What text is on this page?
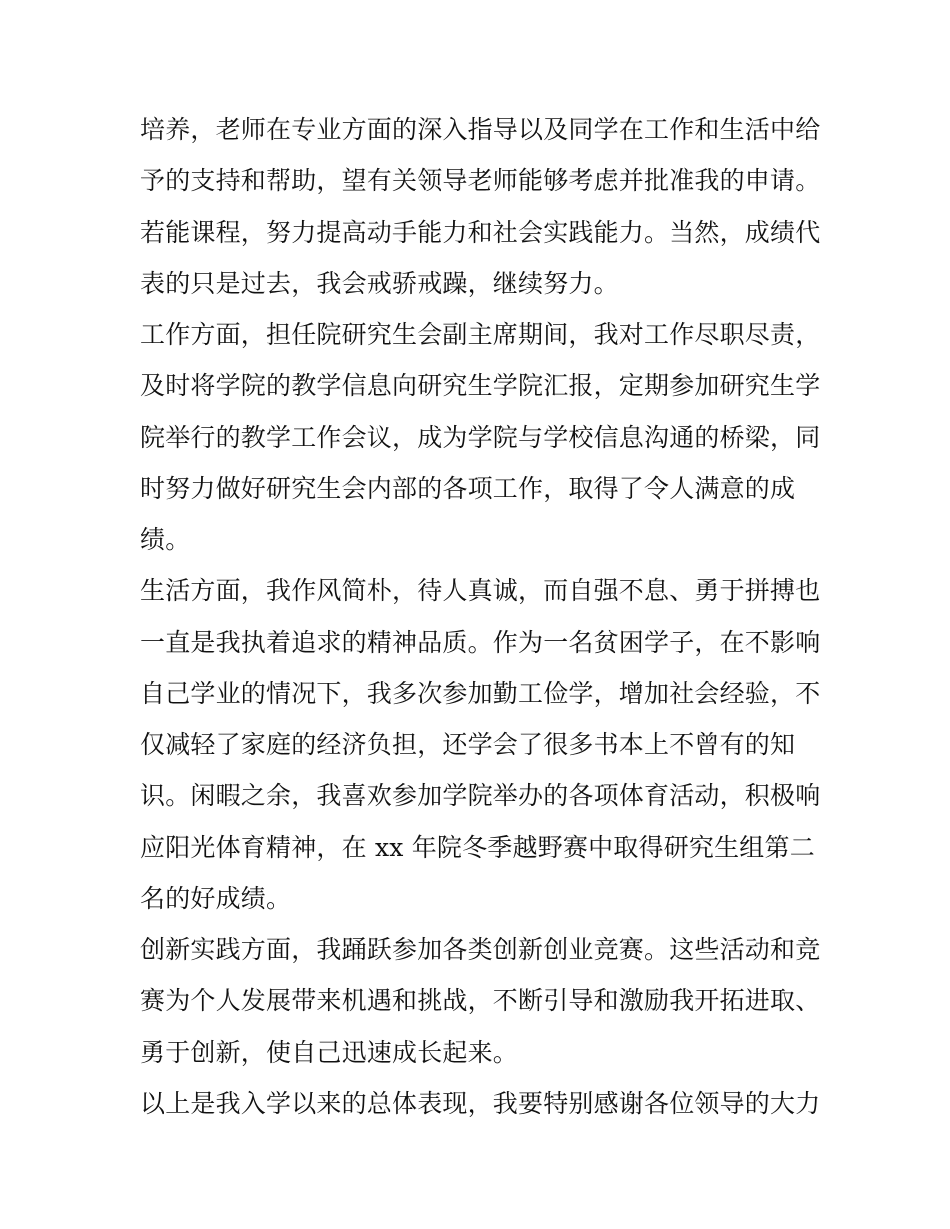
培养，老师在专业方面的深入指导以及同学在工作和生活中给
予的支持和帮助，望有关领导老师能够考虑并批准我的申请。
若能课程，努力提高动手能力和社会实践能力。当然，成绩代
表的只是过去，我会戒骄戒躁，继续努力。
工作方面，担任院研究生会副主席期间，我对工作尽职尽责，
及时将学院的教学信息向研究生学院汇报，定期参加研究生学
院举行的教学工作会议，成为学院与学校信息沟通的桥梁，同
时努力做好研究生会内部的各项工作，取得了令人满意的成
绩。
生活方面，我作风简朴，待人真诚，而自强不息、勇于拼搏也
一直是我执着追求的精神品质。作为一名贫困学子，在不影响
自己学业的情况下，我多次参加勤工俭学，增加社会经验，不
仅减轻了家庭的经济负担，还学会了很多书本上不曾有的知
识。闲暇之余，我喜欢参加学院举办的各项体育活动，积极响
应阳光体育精神，在 xx 年院冬季越野赛中取得研究生组第二
名的好成绩。
创新实践方面，我踊跃参加各类创新创业竞赛。这些活动和竞
赛为个人发展带来机遇和挑战，不断引导和激励我开拓进取、
勇于创新，使自己迅速成长起来。
以上是我入学以来的总体表现，我要特别感谢各位领导的大力
